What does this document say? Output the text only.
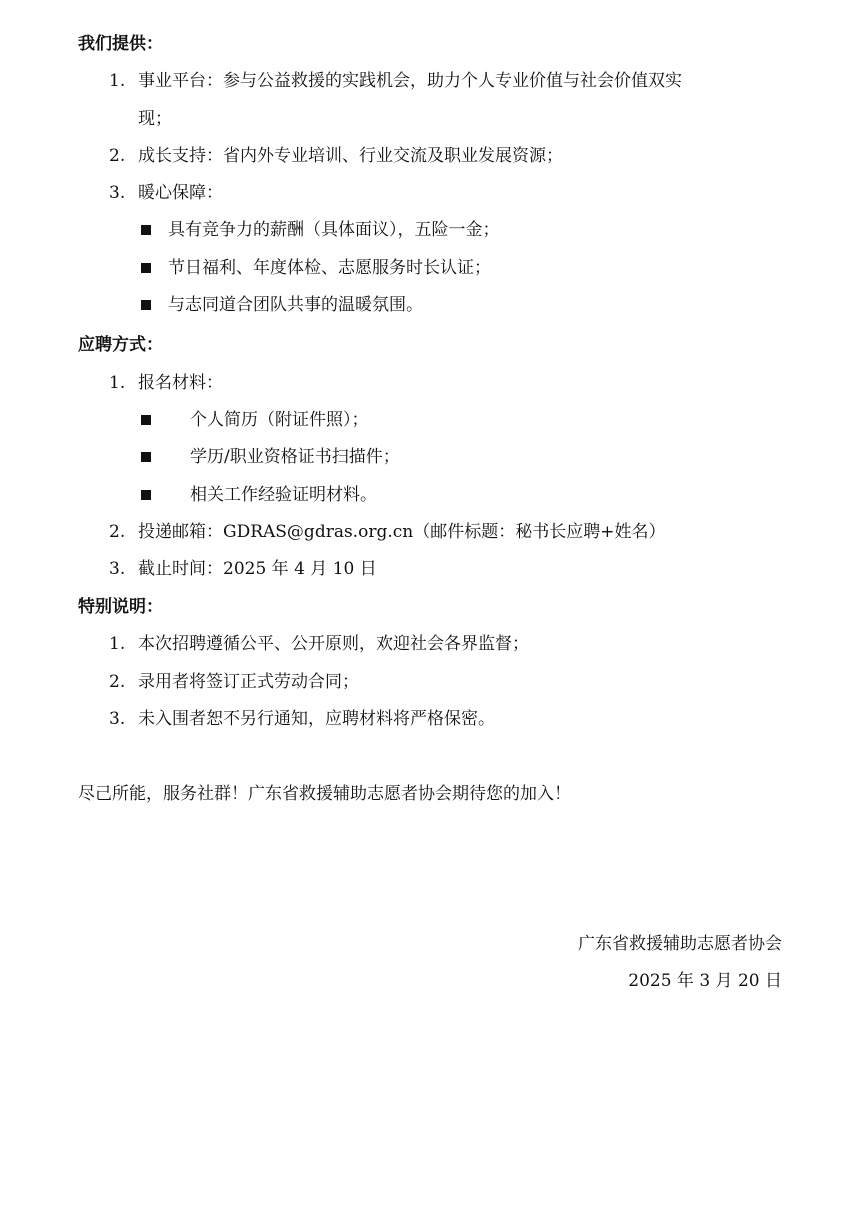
我们提供：
1. 事业平台：参与公益救援的实践机会，助力个人专业价值与社会价值双实
现；
2. 成长支持：省内外专业培训、行业交流及职业发展资源；
3. 暖心保障：
具有竞争力的薪酬（具体面议），五险一金；
节日福利、年度体检、志愿服务时长认证；
与志同道合团队共事的温暖氛围。
应聘方式：
1. 报名材料：
个人简历（附证件照）；
学历/职业资格证书扫描件；
相关工作经验证明材料。
2. 投递邮箱：GDRAS@gdras.org.cn（邮件标题：秘书长应聘+姓名）
3. 截止时间：2025 年 4 月 10 日
特别说明：
1. 本次招聘遵循公平、公开原则，欢迎社会各界监督；
2. 录用者将签订正式劳动合同；
3. 未入围者恕不另行通知，应聘材料将严格保密。
尽己所能，服务社群！广东省救援辅助志愿者协会期待您的加入！
广东省救援辅助志愿者协会
2025 年 3 月 20 日
